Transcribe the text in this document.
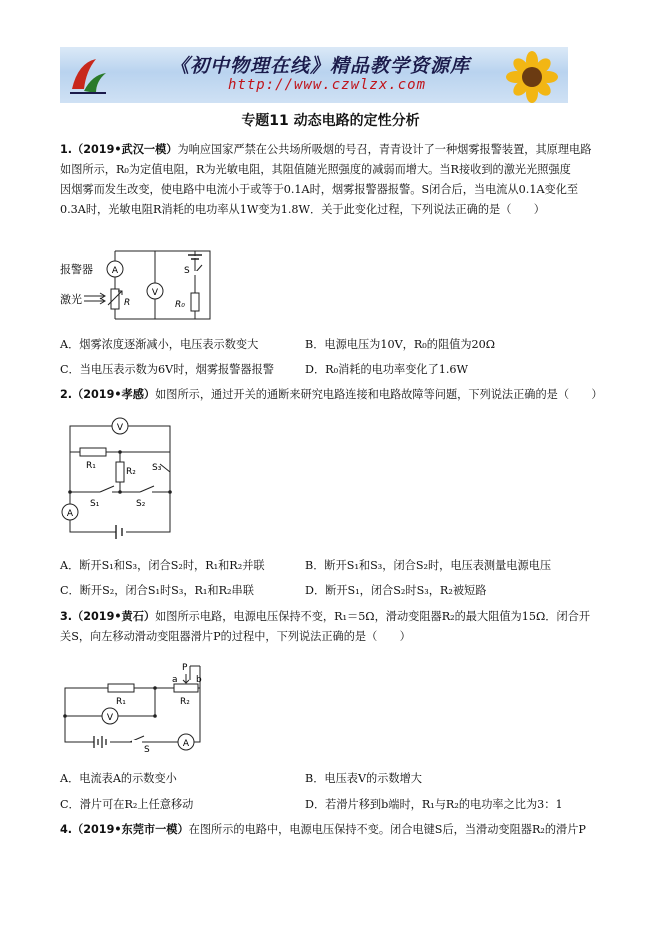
《初中物理在线》精品教学资源库
http://www.czwlzx.com
专题11 动态电路的定性分析
1.（2019•武汉一模）为响应国家严禁在公共场所吸烟的号召，青青设计了一种烟雾报警装置，其原理电路
如图所示，R₀为定值电阻，R为光敏电阻，其阻值随光照强度的减弱而增大。当R接收到的激光光照强度
因烟雾而发生改变，使电路中电流小于或等于0.1A时，烟雾报警器报警。S闭合后，当电流从0.1A变化至
0.3A时，光敏电阻R消耗的电功率从1W变为1.8W．关于此变化过程，下列说法正确的是（　　）
报警器
激光
A
V
R	R₀
S
A．烟雾浓度逐渐减小，电压表示数变大	B．电源电压为10V，R₀的阻值为20Ω
C．当电压表示数为6V时，烟雾报警器报警	D．R₀消耗的电功率变化了1.6W
2.（2019•孝感）如图所示，通过开关的通断来研究电路连接和电路故障等问题，下列说法正确的是（　　）
V
A
R₁
R₂
S₁	S₂
S₃
A．断开S₁和S₃，闭合S₂时，R₁和R₂并联	B．断开S₁和S₃，闭合S₂时，电压表测量电源电压
C．断开S₂，闭合S₁时S₃，R₁和R₂串联	D．断开S₁，闭合S₂时S₃，R₂被短路
3.（2019•黄石）如图所示电路，电源电压保持不变，R₁＝5Ω，滑动变阻器R₂的最大阻值为15Ω．闭合开
关S，向左移动滑动变阻器滑片P的过程中，下列说法正确的是（　　）
P
a b
R₁	R₂
V
A
S
A．电流表A的示数变小	B．电压表V的示数增大
C．滑片可在R₂上任意移动	D．若滑片移到b端时，R₁与R₂的电功率之比为3：1
4.（2019•东莞市一模）在图所示的电路中，电源电压保持不变。闭合电键S后，当滑动变阻器R₂的滑片P
